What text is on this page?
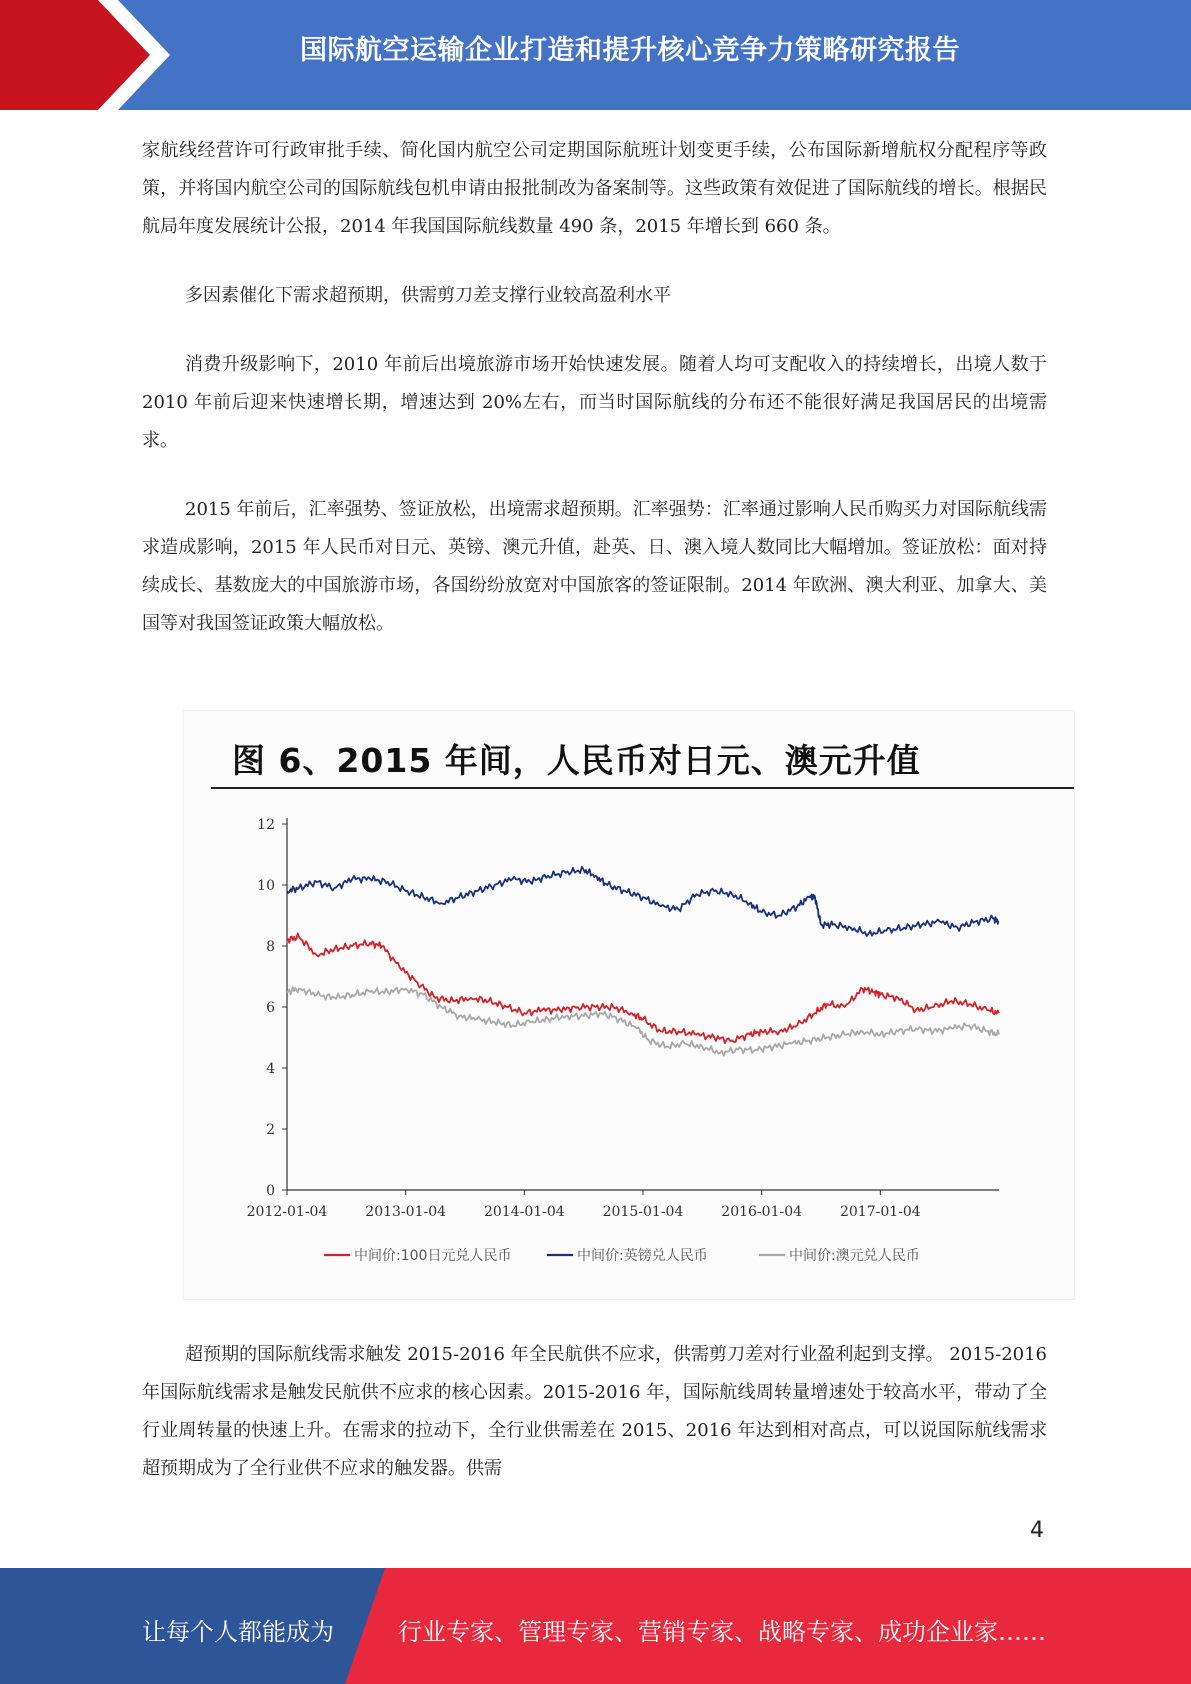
国际航空运输企业打造和提升核心竞争力策略研究报告

家航线经营许可行政审批手续、简化国内航空公司定期国际航班计划变更手续，公布国际新增航权分配程序等政策，并将国内航空公司的国际航线包机申请由报批制改为备案制等。这些政策有效促进了国际航线的增长。根据民航局年度发展统计公报，2014 年我国国际航线数量 490 条，2015 年增长到 660 条。

多因素催化下需求超预期，供需剪刀差支撑行业较高盈利水平

消费升级影响下，2010 年前后出境旅游市场开始快速发展。随着人均可支配收入的持续增长，出境人数于 2010 年前后迎来快速增长期，增速达到 20%左右，而当时国际航线的分布还不能很好满足我国居民的出境需求。

2015 年前后，汇率强势、签证放松，出境需求超预期。汇率强势：汇率通过影响人民币购买力对国际航线需求造成影响，2015 年人民币对日元、英镑、澳元升值，赴英、日、澳入境人数同比大幅增加。签证放松：面对持续成长、基数庞大的中国旅游市场，各国纷纷放宽对中国旅客的签证限制。2014 年欧洲、澳大利亚、加拿大、美国等对我国签证政策大幅放松。

图 6、2015 年间，人民币对日元、澳元升值
0
2
4
6
8
10
12
2012-01-04	2013-01-04	2014-01-04	2015-01-04	2016-01-04	2017-01-04
中间价:100日元兑人民币	中间价:英镑兑人民币	中间价:澳元兑人民币

超预期的国际航线需求触发 2015-2016 年全民航供不应求，供需剪刀差对行业盈利起到支撑。 2015-2016 年国际航线需求是触发民航供不应求的核心因素。2015-2016 年，国际航线周转量增速处于较高水平，带动了全行业周转量的快速上升。在需求的拉动下，全行业供需差在 2015、2016 年达到相对高点，可以说国际航线需求超预期成为了全行业供不应求的触发器。供需

4
让每个人都能成为	行业专家、管理专家、营销专家、战略专家、成功企业家……
